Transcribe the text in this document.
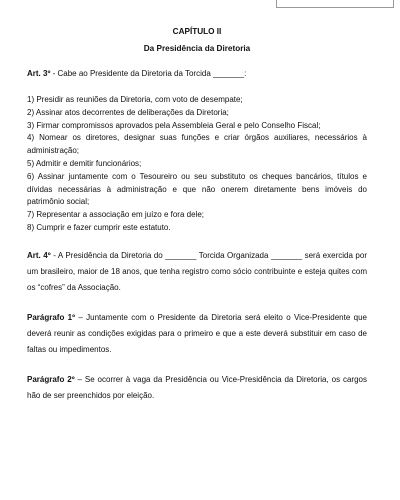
CAPÍTULO II
Da Presidência da Diretoria
Art. 3º - Cabe ao Presidente da Diretoria da Torcida _______:
1) Presidir as reuniões da Diretoria, com voto de desempate;
2) Assinar atos decorrentes de deliberações da Diretoria;
3) Firmar compromissos aprovados pela Assembleia Geral e pelo Conselho Fiscal;
4) Nomear os diretores, designar suas funções e criar órgãos auxiliares, necessários à administração;
5) Admitir e demitir funcionários;
6) Assinar juntamente com o Tesoureiro ou seu substituto os cheques bancários, títulos e dívidas necessárias à administração e que não onerem diretamente bens imóveis do patrimônio social;
7) Representar a associação em juízo e fora dele;
8) Cumprir e fazer cumprir este estatuto.
Art. 4º - A Presidência da Diretoria do _______ Torcida Organizada _______ será exercida por um brasileiro, maior de 18 anos, que tenha registro como sócio contribuinte e esteja quites com os “cofres” da Associação.
Parágrafo 1º – Juntamente com o Presidente da Diretoria será eleito o Vice-Presidente que deverá reunir as condições exigidas para o primeiro e que a este deverá substituir em caso de faltas ou impedimentos.
Parágrafo 2º – Se ocorrer à vaga da Presidência ou Vice-Presidência da Diretoria, os cargos hão de ser preenchidos por eleição.
